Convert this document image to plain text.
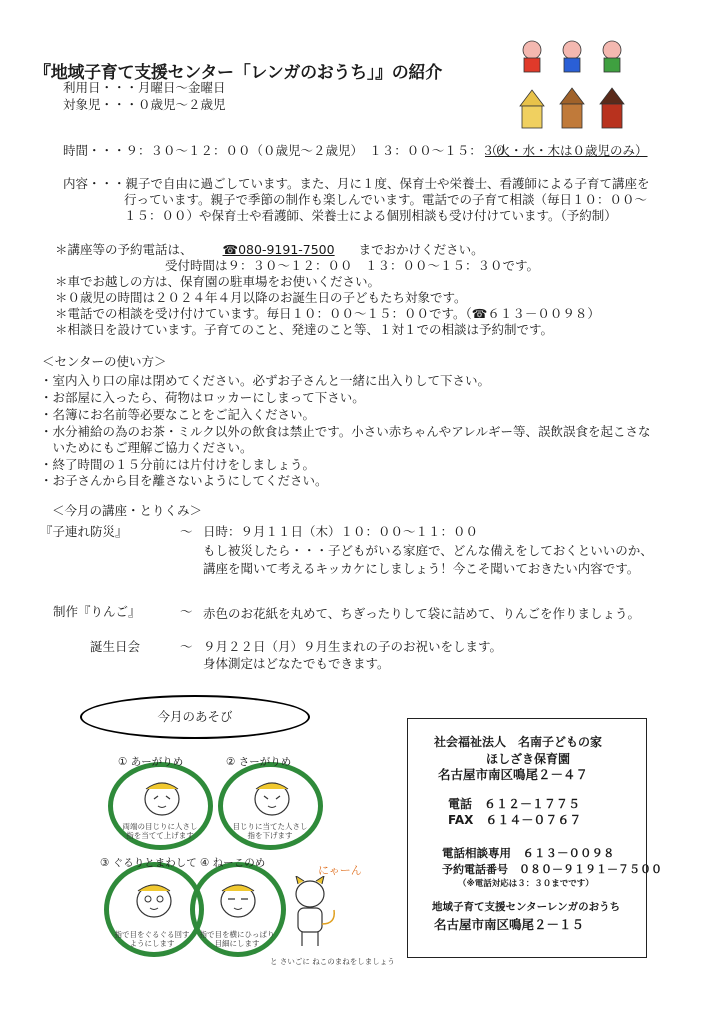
『地域子育て支援センター「レンガのおうち」』の紹介
利用日・・・月曜日～金曜日
対象児・・・０歳児～２歳児
時間・・・９：３０～１２：００（０歳児～２歳児）　１３：００～１５：３０
（火・水・木は０歳児のみ）
内容・・・親子で自由に過ごしています。また、月に１度、保育士や栄養士、看護師による子育て講座を
行っています。親子で季節の制作も楽しんでいます。電話での子育て相談（毎日１０：００～
１５：００）や保育士や看護師、栄養士による個別相談も受け付けています。（予約制）
＊講座等の予約電話は、 ☎080-9191-7500 までおかけください。
受付時間は９：３０～１２：００　１３：００～１５：３０です。
＊車でお越しの方は、保育園の駐車場をお使いください。
＊０歳児の時間は２０２４年４月以降のお誕生日の子どもたち対象です。
＊電話での相談を受け付けています。毎日１０：００～１５：００です。（☎６１３－００９８）
＊相談日を設けています。子育てのこと、発達のこと等、１対１での相談は予約制です。
＜センターの使い方＞
・室内入り口の扉は閉めてください。必ずお子さんと一緒に出入りして下さい。
・お部屋に入ったら、荷物はロッカーにしまって下さい。
・名簿にお名前等必要なことをご記入ください。
・水分補給の為のお茶・ミルク以外の飲食は禁止です。小さい赤ちゃんやアレルギー等、誤飲誤食を起こさな
　いためにもご理解ご協力ください。
・終了時間の１５分前には片付けをしましょう。
・お子さんから目を離さないようにしてください。
＜今月の講座・とりくみ＞
『子連れ防災』	～ 日時：９月１１日（木）１０：００～１１：００
もし被災したら・・・子どもがいる家庭で、どんな備えをしておくといいのか、
講座を聞いて考えるキッカケにしましょう！今こそ聞いておきたい内容です。
制作『りんご』	～ 赤色のお花紙を丸めて、ちぎったりして袋に詰めて、りんごを作りましょう。
誕生日会	～ ９月２２日（月）９月生まれの子のお祝いをします。
身体測定はどなたでもできます。
今月のあそび
① あーがりめ
両端の目じりに人さし指を当てて上げます
② さーがりめ
目じりに当てた人さし指を下げます
③ ぐるりとまわして
指で目をぐるぐる回すようにします
④ ねーこのめ
指で目を横にひっぱり目細にします
にゃーん
と さいごに ねこのまねをしましょう
社会福祉法人　名南子どもの家
ほしざき保育園
名古屋市南区鳴尾２－４７
電話　６１２－１７７５
FAX　６１４－０７６７
電話相談専用　６１３－００９８
予約電話番号　０８０－９１９１－７５００
（※電話対応は３：３０までです）
地域子育て支援センターレンガのおうち
名古屋市南区鳴尾２－１５
